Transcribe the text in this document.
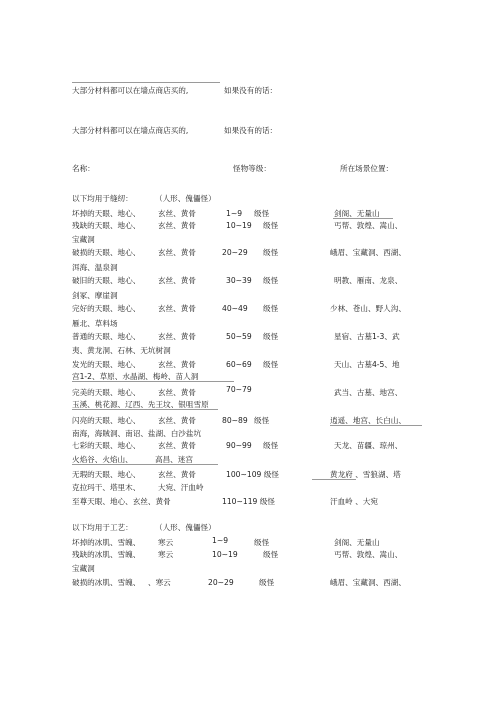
大部分材料都可以在墙点商店买的,	如果没有的话：
大部分材料都可以在墙点商店买的,	如果没有的话：
名称：	怪物等级：	所在场景位置：
以下均用于缝纫：	（人形、傀儡怪）
坏掉的天眼、地心、 玄丝、黄骨	1~9 级怪	剑阁、无量山
残缺的天眼、地心、 玄丝、黄骨	10~19 级怪	丐帮、敦煌、嵩山、
宝藏洞
破损的天眼、地心、 玄丝、黄骨	20~29 级怪	峨眉、宝藏洞、西湖、
洱海、温泉洞
破旧的天眼、地心、 玄丝、黄骨	30~39 级怪	明教、雁南、龙泉、
剑冢、摩崖洞
完好的天眼、地心、 玄丝、黄骨	40~49 级怪	少林、苍山、野人沟、
雁北、草料场
普通的天眼、地心、 玄丝、黄骨	50~59 级怪	星宿、古墓1-3、武
夷、黄龙洞、石林、无坑树洞
发光的天眼、地心、 玄丝、黄骨	60~69 级怪	天山、古墓4-5、地
宫1-2、草原、水晶湖、梅岭、苗人洞
完美的天眼、地心、 玄丝、黄骨	70~79	武当、古墓、地宫、
玉溪、桃花源、辽西、先王坟、银咀雪原
闪亮的天眼、地心、 玄丝、黄骨	80~89 级怪	逍遥、地宫、长白山、
南海，海賊洞、南诏、盐湖、白沙盐坑
七彩的天眼、地心、 玄丝、黄骨	90~99 级怪	天龙、苗疆、琼州、
火焰谷、火焰山、	高昌、迷宫
无瑕的天眼、地心、 玄丝、黄骨	100~109 级怪	黄龙府 、雪狼湖、塔
克拉玛干、塔里木、 大宛、汗血岭
至尊天眼、地心、玄丝、黄骨	110~119 级怪	汗血岭 、大宛
以下均用于工艺：	（人形、傀儡怪）
坏掉的冰肌、雪魄、 寒云	1~9	级怪	剑阁、无量山
残缺的冰肌、雪魄、 寒云	10~19	级怪	丐帮、敦煌、嵩山、
宝藏洞
破损的冰肌、雪魄、 、寒云	20~29	级怪	峨眉、宝藏洞、西湖、
